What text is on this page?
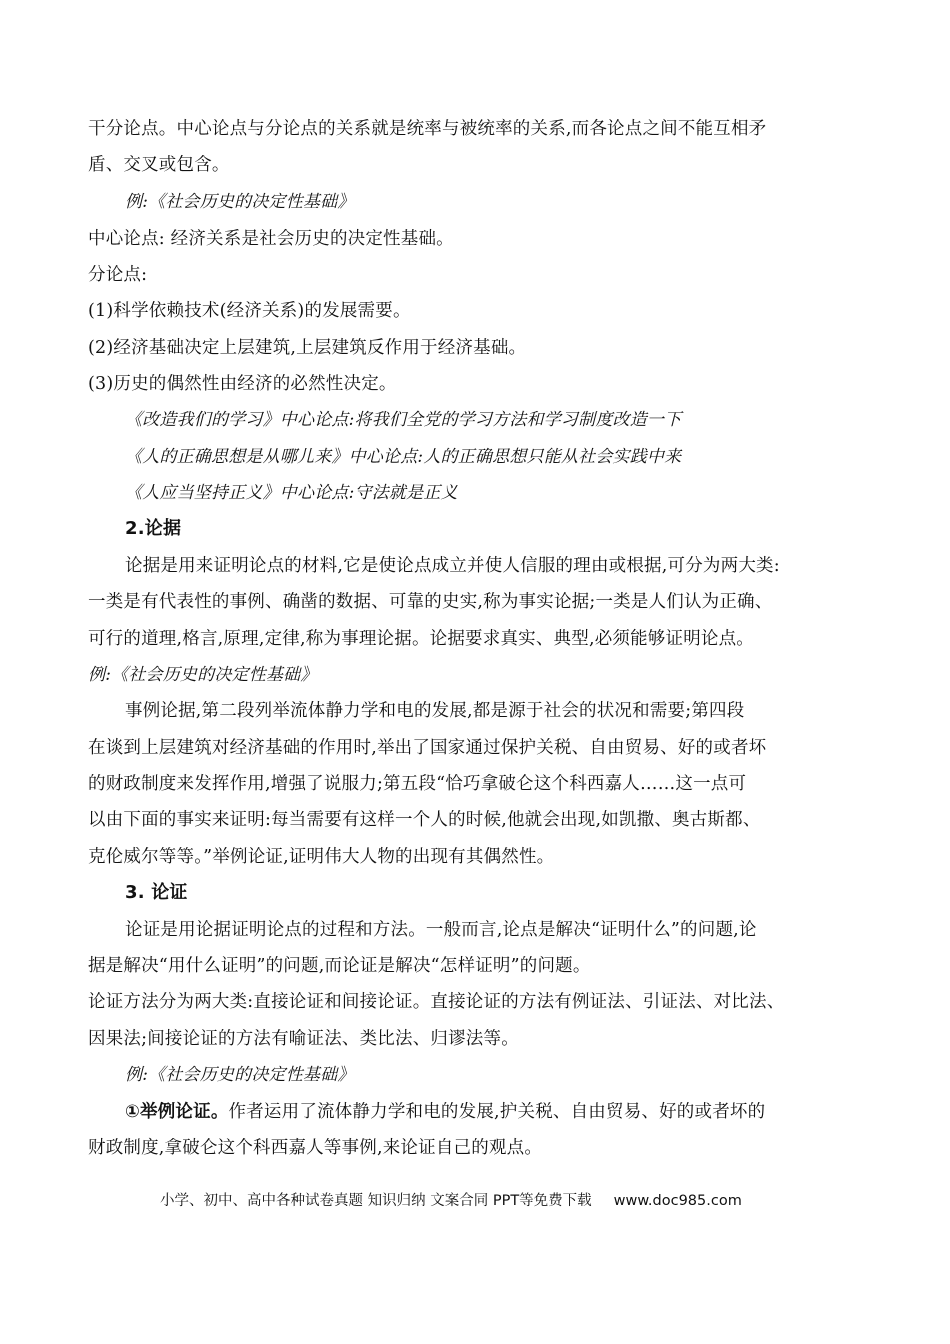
干分论点。中心论点与分论点的关系就是统率与被统率的关系,而各论点之间不能互相矛
盾、交叉或包含。
例:《社会历史的决定性基础》
中心论点: 经济关系是社会历史的决定性基础。
分论点:
(1)科学依赖技术(经济关系)的发展需要。
(2)经济基础决定上层建筑,上层建筑反作用于经济基础。
(3)历史的偶然性由经济的必然性决定。
《改造我们的学习》中心论点:将我们全党的学习方法和学习制度改造一下
《人的正确思想是从哪儿来》中心论点:人的正确思想只能从社会实践中来
《人应当坚持正义》中心论点:守法就是正义
2.论据
论据是用来证明论点的材料,它是使论点成立并使人信服的理由或根据,可分为两大类:
一类是有代表性的事例、确凿的数据、可靠的史实,称为事实论据;一类是人们认为正确、
可行的道理,格言,原理,定律,称为事理论据。论据要求真实、典型,必须能够证明论点。
例:《社会历史的决定性基础》
事例论据,第二段列举流体静力学和电的发展,都是源于社会的状况和需要;第四段
在谈到上层建筑对经济基础的作用时,举出了国家通过保护关税、自由贸易、好的或者坏
的财政制度来发挥作用,增强了说服力;第五段“恰巧拿破仑这个科西嘉人……这一点可
以由下面的事实来证明:每当需要有这样一个人的时候,他就会出现,如凯撒、奥古斯都、
克伦威尔等等。”举例论证,证明伟大人物的出现有其偶然性。
3. 论证
论证是用论据证明论点的过程和方法。一般而言,论点是解决“证明什么”的问题,论
据是解决“用什么证明”的问题,而论证是解决“怎样证明”的问题。
论证方法分为两大类:直接论证和间接论证。直接论证的方法有例证法、引证法、对比法、
因果法;间接论证的方法有喻证法、类比法、归谬法等。
例:《社会历史的决定性基础》
①举例论证。作者运用了流体静力学和电的发展,护关税、自由贸易、好的或者坏的
财政制度,拿破仑这个科西嘉人等事例,来论证自己的观点。
小学、初中、高中各种试卷真题 知识归纳 文案合同 PPT等免费下载 www.doc985.com
